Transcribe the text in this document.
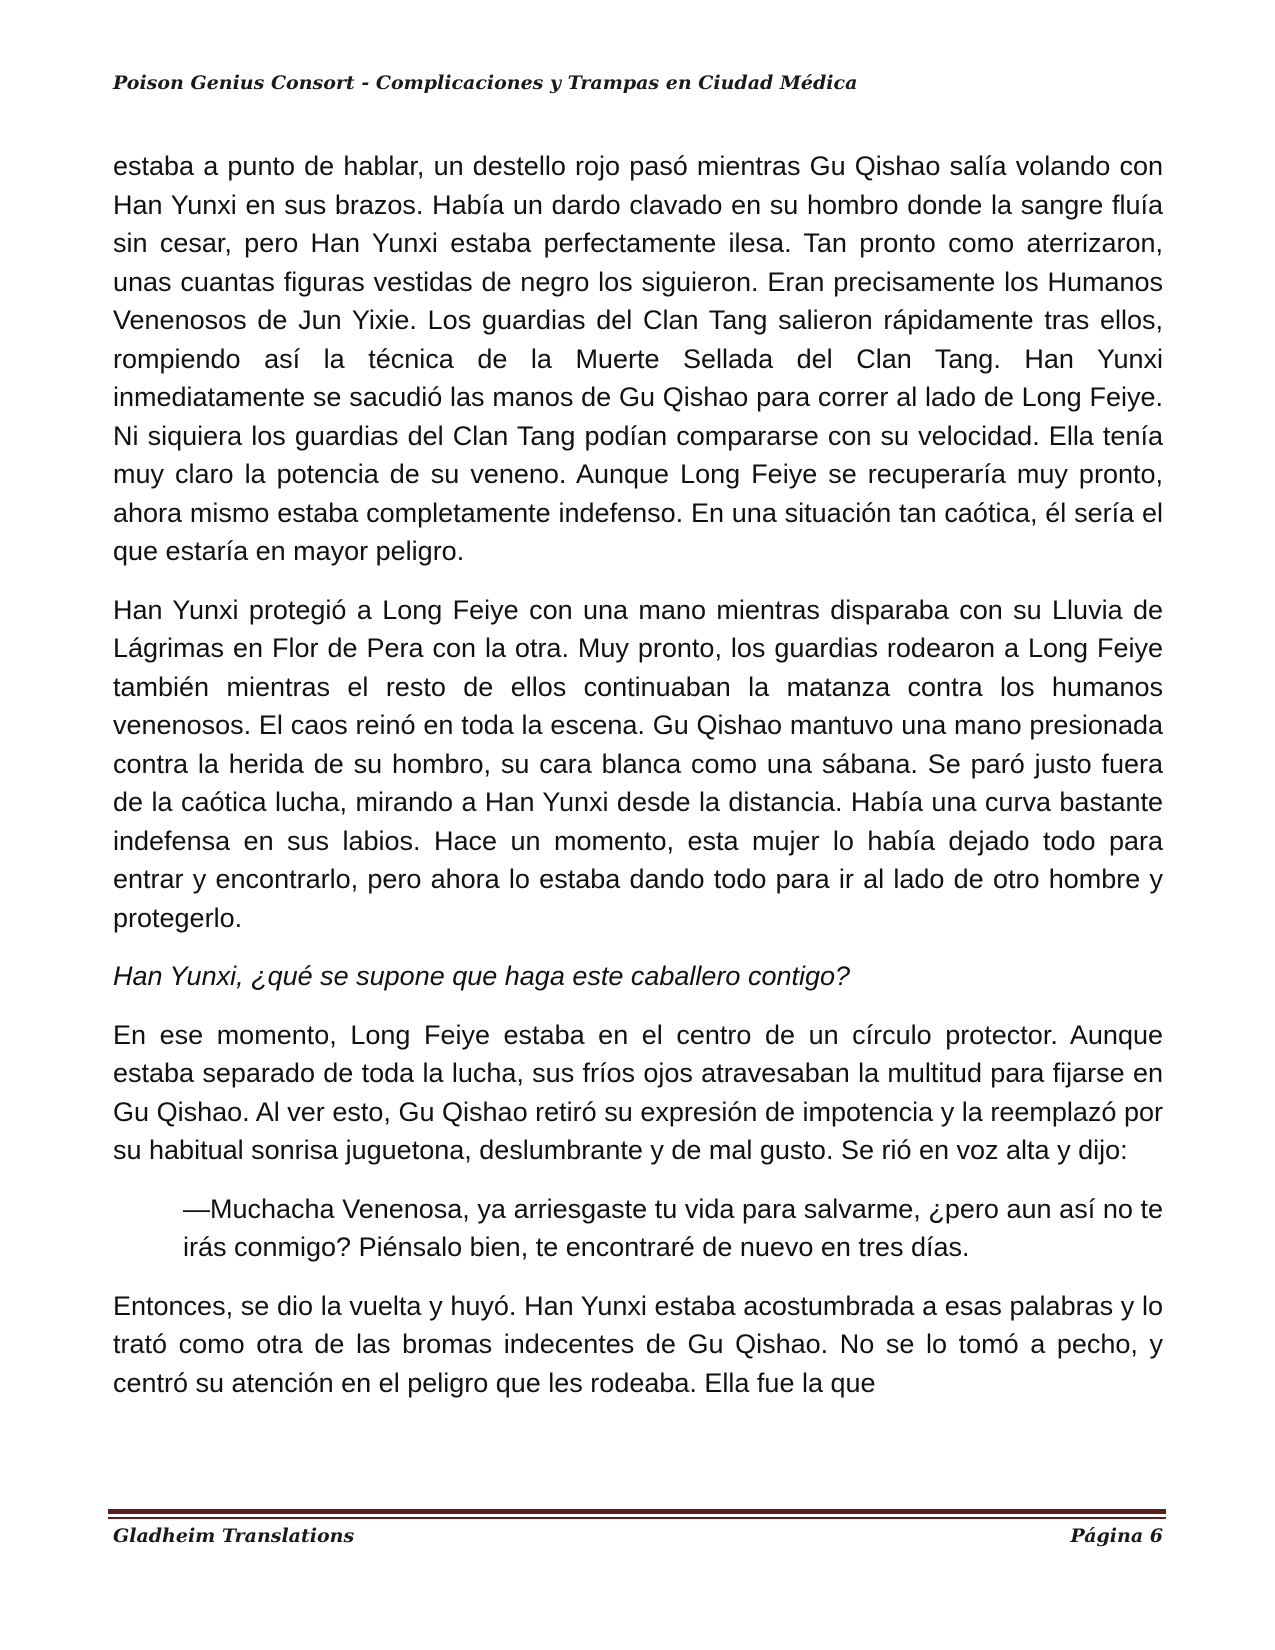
Poison Genius Consort - Complicaciones y Trampas en Ciudad Médica

estaba a punto de hablar, un destello rojo pasó mientras Gu Qishao salía volando con Han Yunxi en sus brazos. Había un dardo clavado en su hombro donde la sangre fluía sin cesar, pero Han Yunxi estaba perfectamente ilesa. Tan pronto como aterrizaron, unas cuantas figuras vestidas de negro los siguieron. Eran precisamente los Humanos Venenosos de Jun Yixie. Los guardias del Clan Tang salieron rápidamente tras ellos, rompiendo así la técnica de la Muerte Sellada del Clan Tang. Han Yunxi inmediatamente se sacudió las manos de Gu Qishao para correr al lado de Long Feiye. Ni siquiera los guardias del Clan Tang podían compararse con su velocidad. Ella tenía muy claro la potencia de su veneno. Aunque Long Feiye se recuperaría muy pronto, ahora mismo estaba completamente indefenso. En una situación tan caótica, él sería el que estaría en mayor peligro.

Han Yunxi protegió a Long Feiye con una mano mientras disparaba con su Lluvia de Lágrimas en Flor de Pera con la otra. Muy pronto, los guardias rodearon a Long Feiye también mientras el resto de ellos continuaban la matanza contra los humanos venenosos. El caos reinó en toda la escena. Gu Qishao mantuvo una mano presionada contra la herida de su hombro, su cara blanca como una sábana. Se paró justo fuera de la caótica lucha, mirando a Han Yunxi desde la distancia. Había una curva bastante indefensa en sus labios. Hace un momento, esta mujer lo había dejado todo para entrar y encontrarlo, pero ahora lo estaba dando todo para ir al lado de otro hombre y protegerlo.

Han Yunxi, ¿qué se supone que haga este caballero contigo?

En ese momento, Long Feiye estaba en el centro de un círculo protector. Aunque estaba separado de toda la lucha, sus fríos ojos atravesaban la multitud para fijarse en Gu Qishao. Al ver esto, Gu Qishao retiró su expresión de impotencia y la reemplazó por su habitual sonrisa juguetona, deslumbrante y de mal gusto. Se rió en voz alta y dijo:

—Muchacha Venenosa, ya arriesgaste tu vida para salvarme, ¿pero aun así no te irás conmigo? Piénsalo bien, te encontraré de nuevo en tres días.

Entonces, se dio la vuelta y huyó. Han Yunxi estaba acostumbrada a esas palabras y lo trató como otra de las bromas indecentes de Gu Qishao. No se lo tomó a pecho, y centró su atención en el peligro que les rodeaba. Ella fue la que

Gladheim Translations	Página 6
